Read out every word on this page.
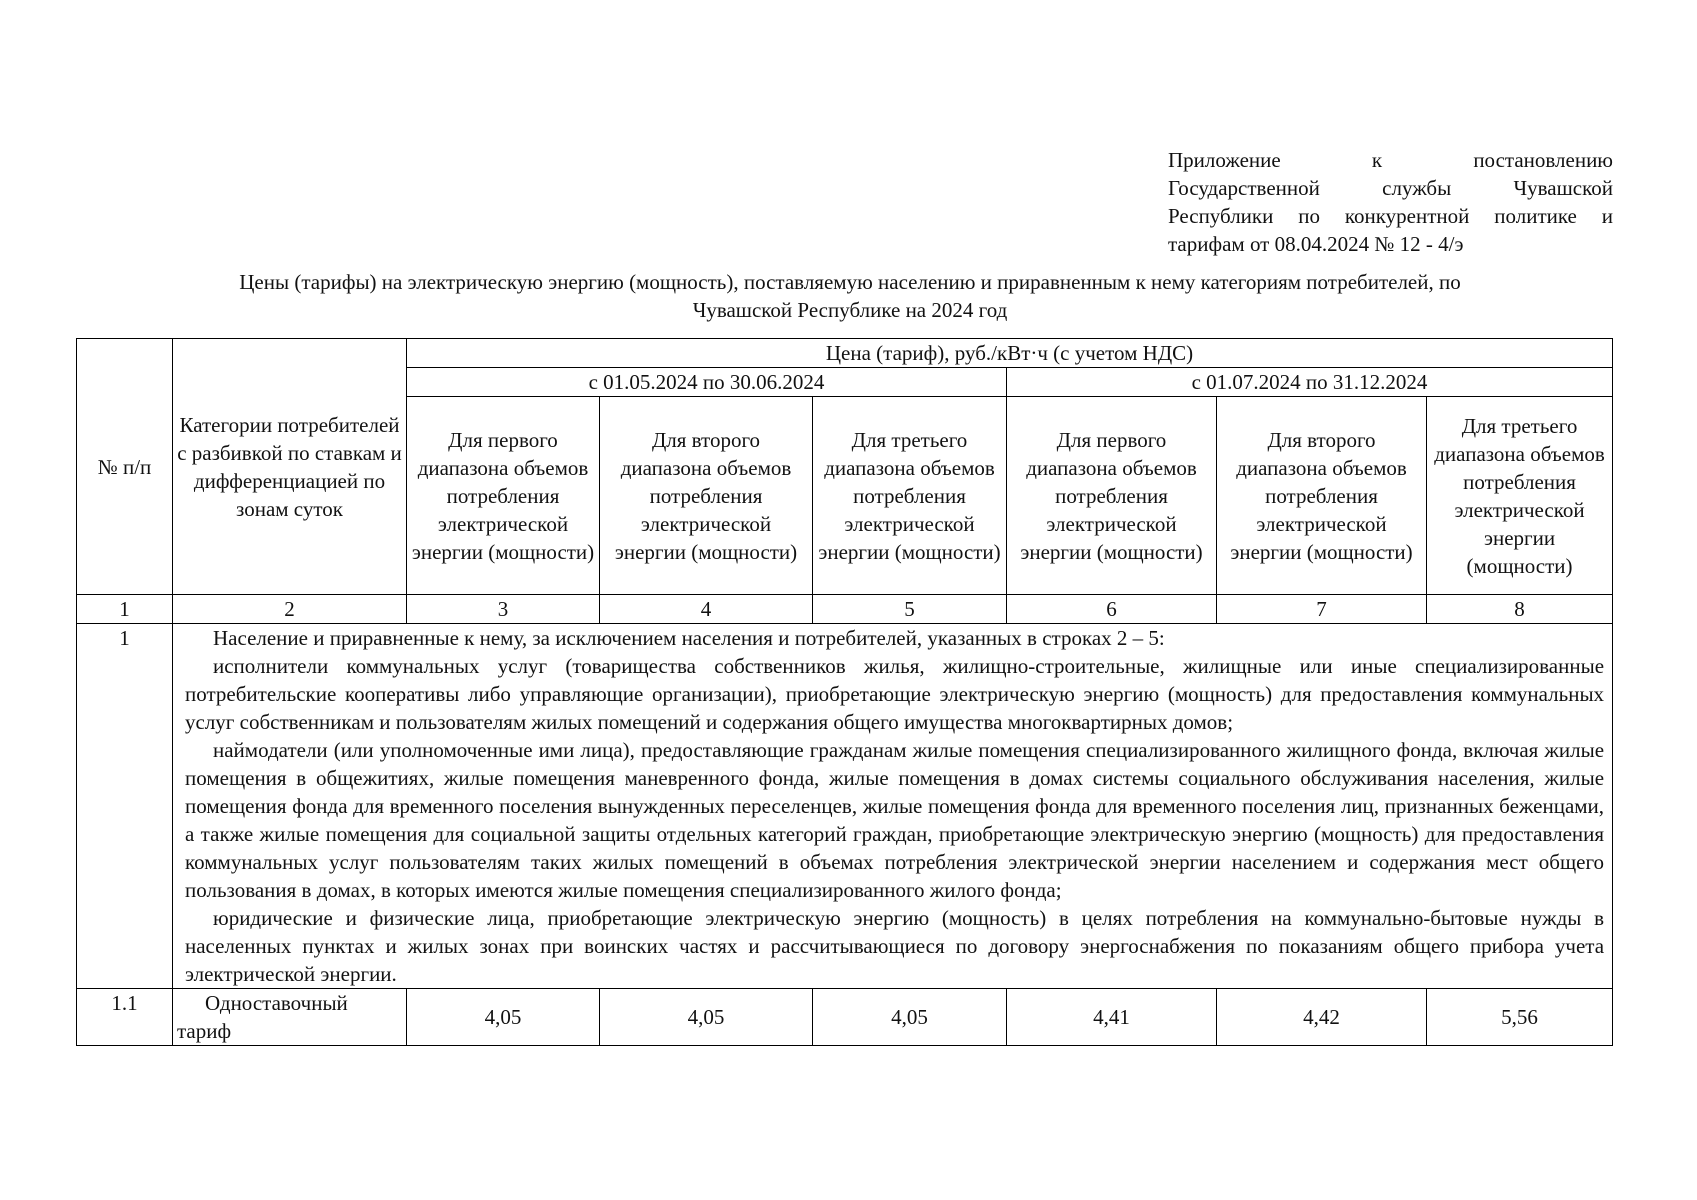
Приложение к постановлению
Государственной службы Чувашской
Республики по конкурентной политике и
тарифам от 08.04.2024 № 12 - 4/э
Цены (тарифы) на электрическую энергию (мощность), поставляемую населению и приравненным к нему категориям потребителей, по
Чувашской Республике на 2024 год
№ п/п	Категории потребителей с разбивкой по ставкам и дифференциацией по зонам суток	Цена (тариф), руб./кВт·ч (с учетом НДС)					
		с 01.05.2024 по 30.06.2024			с 01.07.2024 по 31.12.2024		
		Для первого диапазона объемов потребления электрической энергии (мощности)	Для второго диапазона объемов потребления электрической энергии (мощности)	Для третьего диапазона объемов потребления электрической энергии (мощности)	Для первого диапазона объемов потребления электрической энергии (мощности)	Для второго диапазона объемов потребления электрической энергии (мощности)	Для третьего диапазона объемов потребления электрической энергии (мощности)
1	2	3	4	5	6	7	8
1	Население и приравненные к нему, за исключением населения и потребителей, указанных в строках 2 – 5:

исполнители коммунальных услуг (товарищества собственников жилья, жилищно-строительные, жилищные или иные специализированные потребительские кооперативы либо управляющие организации), приобретающие электрическую энергию (мощность) для предоставления коммунальных услуг собственникам и пользователям жилых помещений и содержания общего имущества многоквартирных домов;

наймодатели (или уполномоченные ими лица), предоставляющие гражданам жилые помещения специализированного жилищного фонда, включая жилые помещения в общежитиях, жилые помещения маневренного фонда, жилые помещения в домах системы социального обслуживания населения, жилые помещения фонда для временного поселения вынужденных переселенцев, жилые помещения фонда для временного поселения лиц, признанных беженцами, а также жилые помещения для социальной защиты отдельных категорий граждан, приобретающие электрическую энергию (мощность) для предоставления коммунальных услуг пользователям таких жилых помещений в объемах потребления электрической энергии населением и содержания мест общего пользования в домах, в которых имеются жилые помещения специализированного жилого фонда;

юридические и физические лица, приобретающие электрическую энергию (мощность) в целях потребления на коммунально-бытовые нужды в населенных пунктах и жилых зонах при воинских частях и рассчитывающиеся по договору энергоснабжения по показаниям общего прибора учета электрической энергии.						

1.1	Одноставочный тариф	4,05	4,05	4,05	4,41	4,42	5,56
